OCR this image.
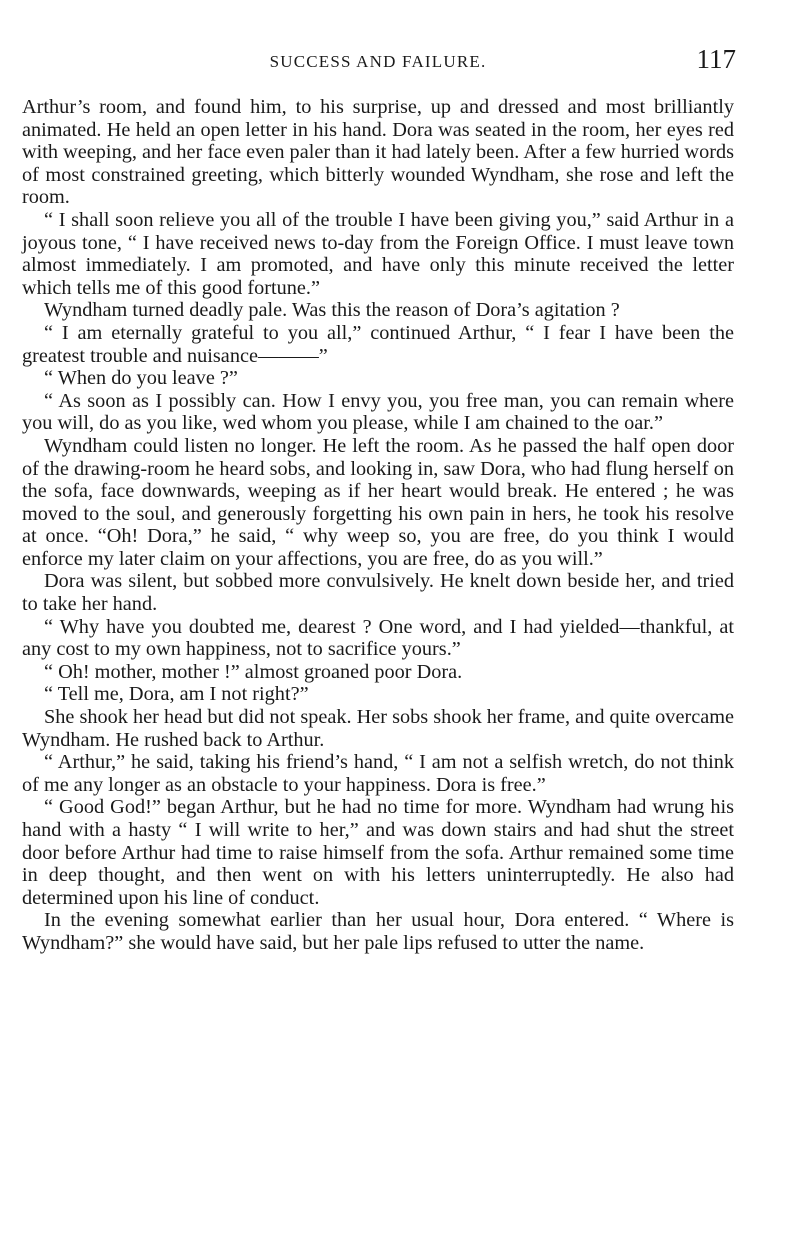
SUCCESS AND FAILURE.	117

Arthur’s room, and found him, to his surprise, up and dressed and most brilliantly animated. He held an open letter in his hand. Dora was seated in the room, her eyes red with weeping, and her face even paler than it had lately been. After a few hurried words of most constrained greeting, which bitterly wounded Wyndham, she rose and left the room.

“ I shall soon relieve you all of the trouble I have been giving you,” said Arthur in a joyous tone, “ I have received news to-day from the Foreign Office. I must leave town almost immediately. I am promoted, and have only this minute received the letter which tells me of this good fortune.”

Wyndham turned deadly pale. Was this the reason of Dora’s agitation ?

“ I am eternally grateful to you all,” continued Arthur, “ I fear I have been the greatest trouble and nuisance———”

“ When do you leave ?”

“ As soon as I possibly can. How I envy you, you free man, you can remain where you will, do as you like, wed whom you please, while I am chained to the oar.”

Wyndham could listen no longer. He left the room. As he passed the half open door of the drawing-room he heard sobs, and looking in, saw Dora, who had flung herself on the sofa, face downwards, weeping as if her heart would break. He entered ; he was moved to the soul, and generously forgetting his own pain in hers, he took his resolve at once. “Oh! Dora,” he said, “ why weep so, you are free, do you think I would enforce my later claim on your affections, you are free, do as you will.”

Dora was silent, but sobbed more convulsively. He knelt down beside her, and tried to take her hand.

“ Why have you doubted me, dearest ? One word, and I had yielded—thankful, at any cost to my own happiness, not to sacrifice yours.”

“ Oh! mother, mother !” almost groaned poor Dora.

“ Tell me, Dora, am I not right?”

She shook her head but did not speak. Her sobs shook her frame, and quite overcame Wyndham. He rushed back to Arthur.

“ Arthur,” he said, taking his friend’s hand, “ I am not a selfish wretch, do not think of me any longer as an obstacle to your happiness. Dora is free.”

“ Good God!” began Arthur, but he had no time for more. Wyndham had wrung his hand with a hasty “ I will write to her,” and was down stairs and had shut the street door before Arthur had time to raise himself from the sofa. Arthur remained some time in deep thought, and then went on with his letters uninterruptedly. He also had determined upon his line of conduct.

In the evening somewhat earlier than her usual hour, Dora entered. “ Where is Wyndham?” she would have said, but her pale lips refused to utter the name.
